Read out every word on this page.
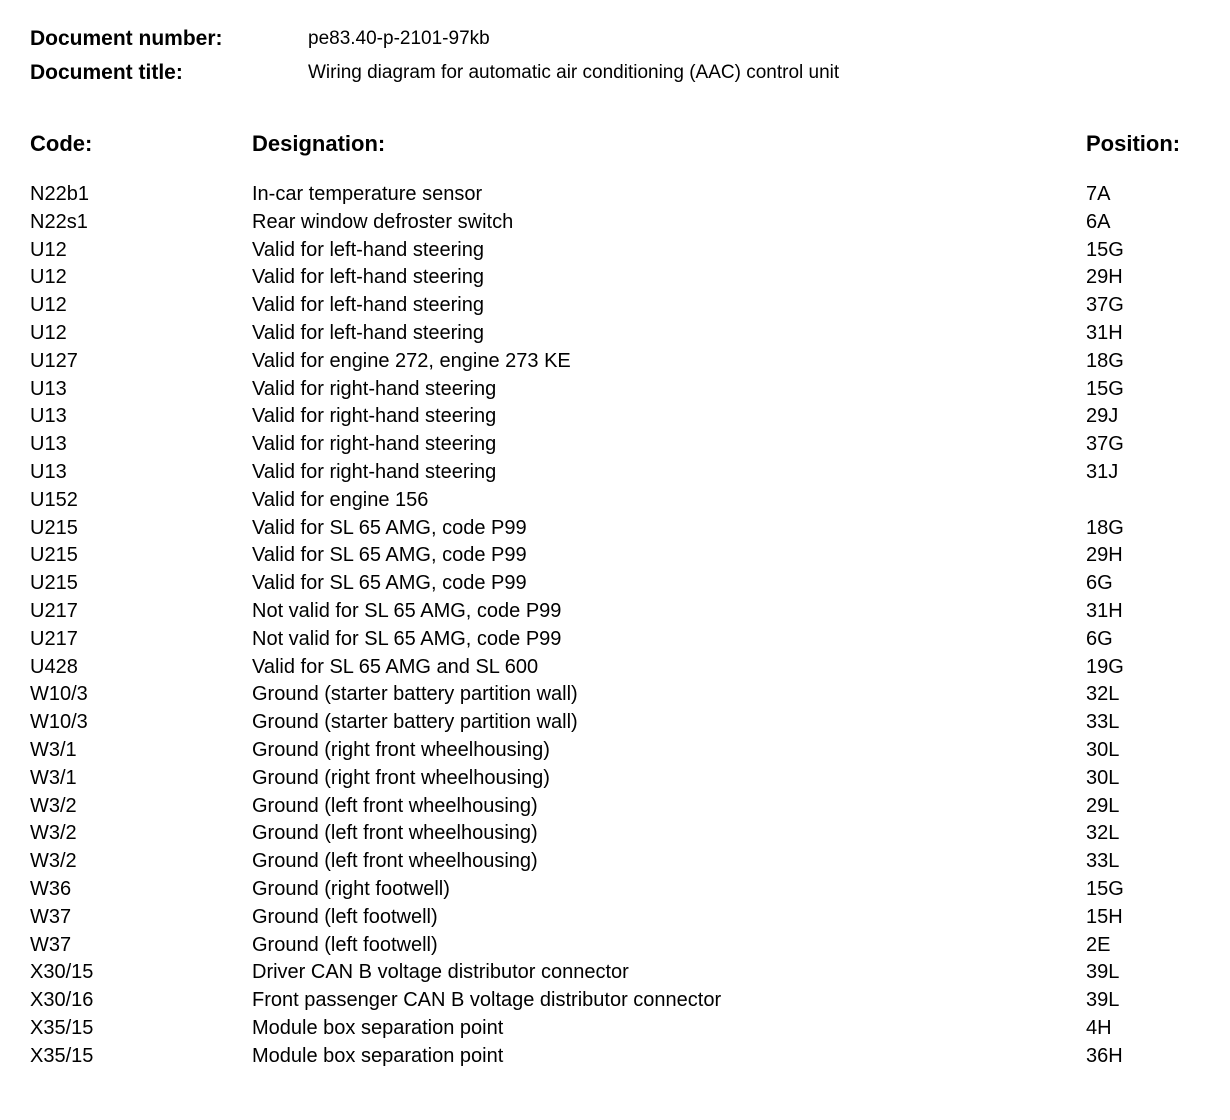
Document number:	pe83.40-p-2101-97kb
Document title:	Wiring diagram for automatic air conditioning (AAC) control unit
Code:	Designation:	Position:
N22b1	In-car temperature sensor	7A
N22s1	Rear window defroster switch	6A
U12	Valid for left-hand steering	15G
U12	Valid for left-hand steering	29H
U12	Valid for left-hand steering	37G
U12	Valid for left-hand steering	31H
U127	Valid for engine 272, engine 273 KE	18G
U13	Valid for right-hand steering	15G
U13	Valid for right-hand steering	29J
U13	Valid for right-hand steering	37G
U13	Valid for right-hand steering	31J
U152	Valid for engine 156
U215	Valid for SL 65 AMG, code P99	18G
U215	Valid for SL 65 AMG, code P99	29H
U215	Valid for SL 65 AMG, code P99	6G
U217	Not valid for SL 65 AMG, code P99	31H
U217	Not valid for SL 65 AMG, code P99	6G
U428	Valid for SL 65 AMG and SL 600	19G
W10/3	Ground (starter battery partition wall)	32L
W10/3	Ground (starter battery partition wall)	33L
W3/1	Ground (right front wheelhousing)	30L
W3/1	Ground (right front wheelhousing)	30L
W3/2	Ground (left front wheelhousing)	29L
W3/2	Ground (left front wheelhousing)	32L
W3/2	Ground (left front wheelhousing)	33L
W36	Ground (right footwell)	15G
W37	Ground (left footwell)	15H
W37	Ground (left footwell)	2E
X30/15	Driver CAN B voltage distributor connector	39L
X30/16	Front passenger CAN B voltage distributor connector	39L
X35/15	Module box separation point	4H
X35/15	Module box separation point	36H
